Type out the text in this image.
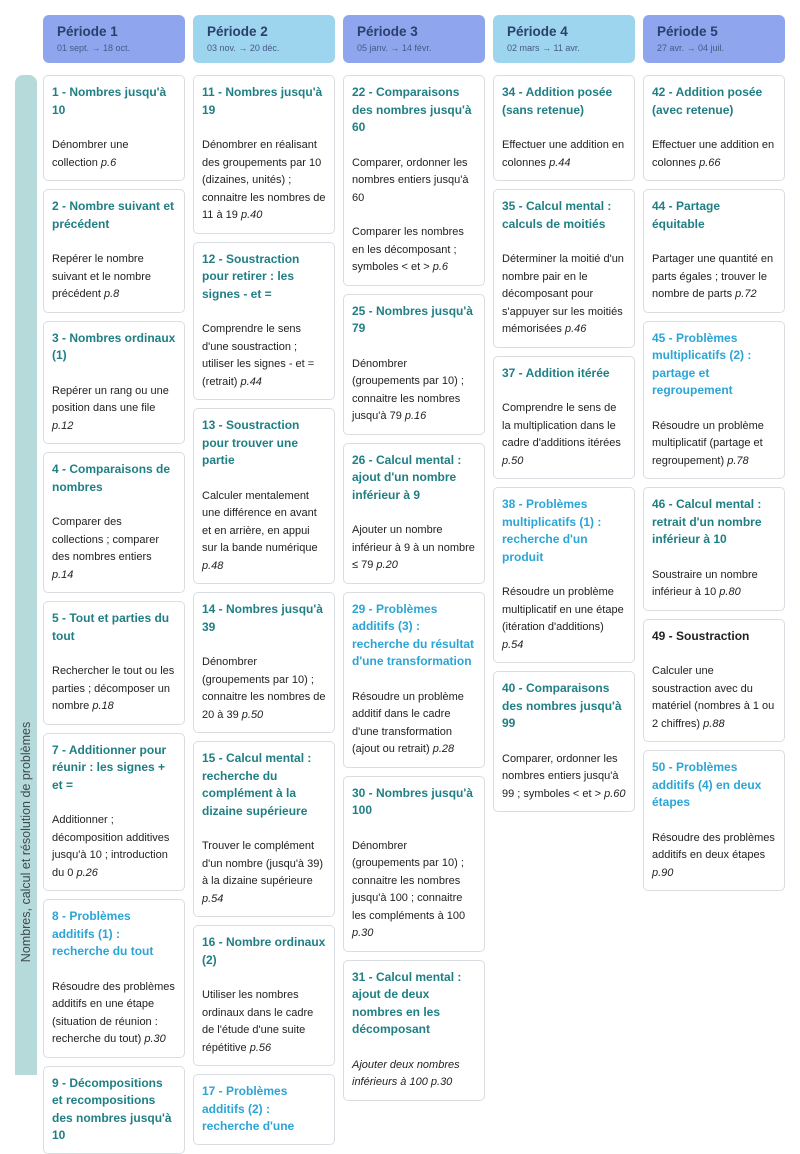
Période 1
01 sept. → 18 oct.
Période 2
03 nov. → 20 déc.
Période 3
05 janv. → 14 févr.
Période 4
02 mars → 11 avr.
Période 5
27 avr. → 04 juil.
Nombres, calcul et résolution de problèmes
1 - Nombres jusqu'à 10
Dénombrer une collection p.6
2 - Nombre suivant et précédent
Repérer le nombre suivant et le nombre précédent p.8
3 - Nombres ordinaux (1)
Repérer un rang ou une position dans une file p.12
4 - Comparaisons de nombres
Comparer des collections ; comparer des nombres entiers p.14
5 - Tout et parties du tout
Rechercher le tout ou les parties ; décomposer un nombre p.18
7 - Additionner pour réunir : les signes + et =
Additionner ; décomposition additives jusqu'à 10 ; introduction du 0 p.26
8 - Problèmes additifs (1) : recherche du tout
Résoudre des problèmes additifs en une étape (situation de réunion : recherche du tout) p.30
9 - Décompositions et recompositions des nombres jusqu'à 10
11 - Nombres jusqu'à 19
Dénombrer en réalisant des groupements par 10 (dizaines, unités) ; connaitre les nombres de 11 à 19 p.40
12 - Soustraction pour retirer : les signes - et =
Comprendre le sens d'une soustraction ; utiliser les signes - et = (retrait) p.44
13 - Soustraction pour trouver une partie
Calculer mentalement une différence en avant et en arrière, en appui sur la bande numérique p.48
14 - Nombres jusqu'à 39
Dénombrer (groupements par 10) ; connaitre les nombres de 20 à 39 p.50
15 - Calcul mental : recherche du complément à la dizaine supérieure
Trouver le complément d'un nombre (jusqu'à 39) à la dizaine supérieure p.54
16 - Nombre ordinaux (2)
Utiliser les nombres ordinaux dans le cadre de l'étude d'une suite répétitive p.56
17 - Problèmes additifs (2) : recherche d'une
22 - Comparaisons des nombres jusqu'à 60
Comparer, ordonner les nombres entiers jusqu'à 60
Comparer les nombres en les décomposant ; symboles < et > p.6
25 - Nombres jusqu'à 79
Dénombrer (groupements par 10) ; connaitre les nombres jusqu'à 79 p.16
26 - Calcul mental : ajout d'un nombre inférieur à 9
Ajouter un nombre inférieur à 9 à un nombre ≤ 79 p.20
29 - Problèmes additifs (3) : recherche du résultat d'une transformation
Résoudre un problème additif dans le cadre d'une transformation (ajout ou retrait) p.28
30 - Nombres jusqu'à 100
Dénombrer (groupements par 10) ; connaitre les nombres jusqu'à 100 ; connaitre les compléments à 100 p.30
31 - Calcul mental : ajout de deux nombres en les décomposant
Ajouter deux nombres inférieurs à 100 p.30
34 - Addition posée (sans retenue)
Effectuer une addition en colonnes p.44
35 - Calcul mental : calculs de moitiés
Déterminer la moitié d'un nombre pair en le décomposant pour s'appuyer sur les moitiés mémorisées p.46
37 - Addition itérée
Comprendre le sens de la multiplication dans le cadre d'additions itérées p.50
38 - Problèmes multiplicatifs (1) : recherche d'un produit
Résoudre un problème multiplicatif en une étape (itération d'additions) p.54
40 - Comparaisons des nombres jusqu'à 99
Comparer, ordonner les nombres entiers jusqu'à 99 ; symboles < et > p.60
42 - Addition posée (avec retenue)
Effectuer une addition en colonnes p.66
44 - Partage équitable
Partager une quantité en parts égales ; trouver le nombre de parts p.72
45 - Problèmes multiplicatifs (2) : partage et regroupement
Résoudre un problème multiplicatif (partage et regroupement) p.78
46 - Calcul mental : retrait d'un nombre inférieur à 10
Soustraire un nombre inférieur à 10 p.80
49 - Soustraction
Calculer une soustraction avec du matériel (nombres à 1 ou 2 chiffres) p.88
50 - Problèmes additifs (4) en deux étapes
Résoudre des problèmes additifs en deux étapes p.90
